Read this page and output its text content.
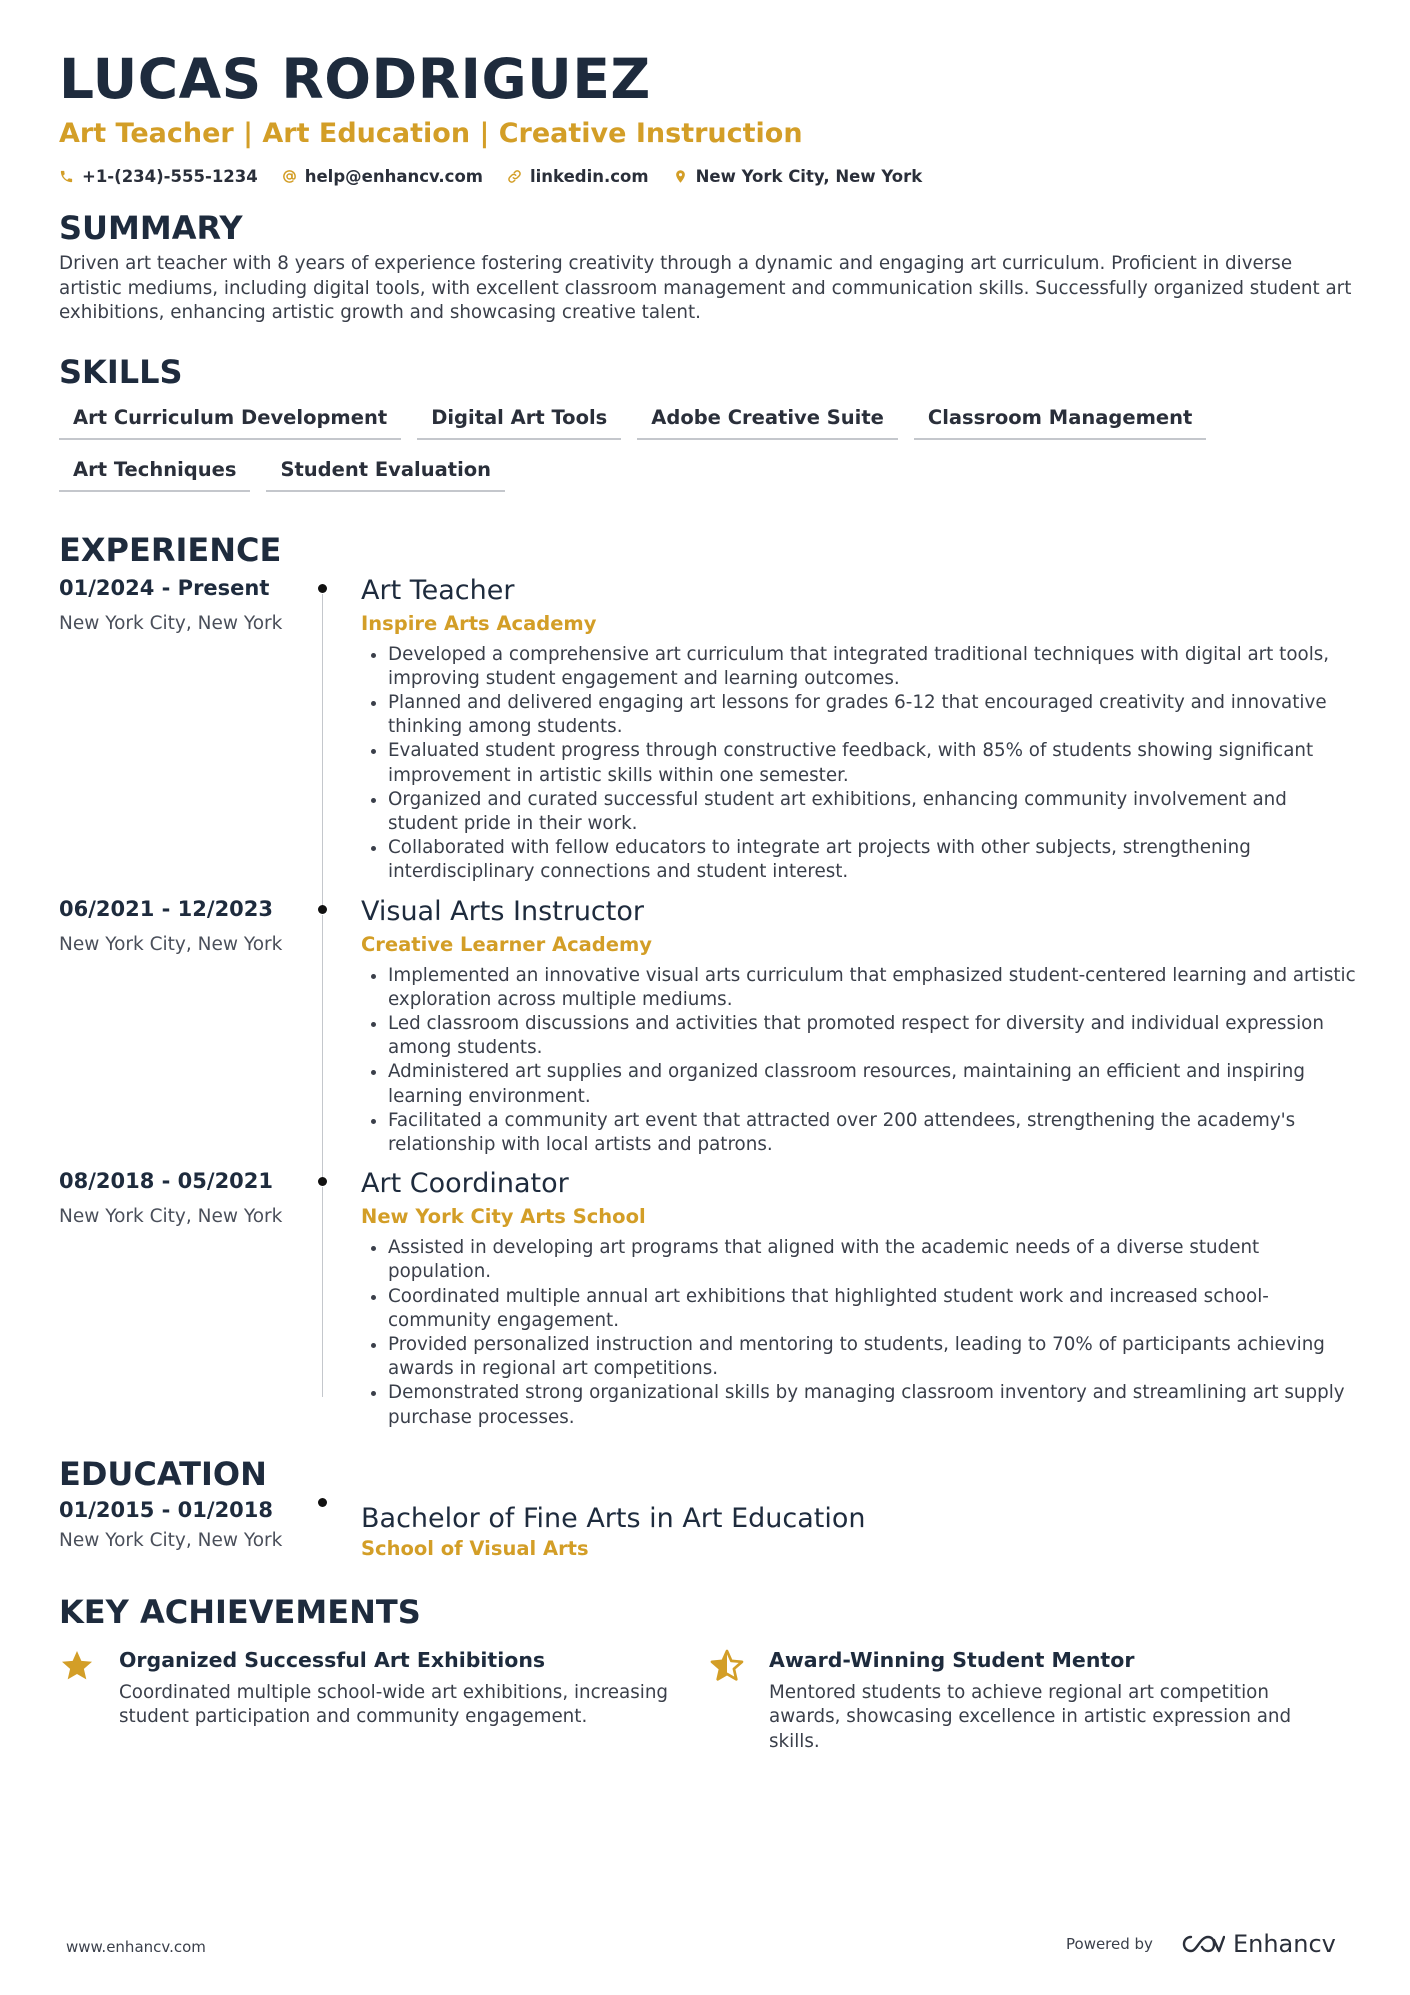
LUCAS RODRIGUEZ
Art Teacher | Art Education | Creative Instruction
+1-(234)-555-1234	help@enhancv.com	linkedin.com	New York City, New York
SUMMARY
Driven art teacher with 8 years of experience fostering creativity through a dynamic and engaging art curriculum. Proficient in diverse artistic mediums, including digital tools, with excellent classroom management and communication skills. Successfully organized student art exhibitions, enhancing artistic growth and showcasing creative talent.
SKILLS
Art Curriculum Development	Digital Art Tools	Adobe Creative Suite	Classroom Management
Art Techniques	Student Evaluation
EXPERIENCE
01/2024 - Present
New York City, New York
Art Teacher
Inspire Arts Academy
• Developed a comprehensive art curriculum that integrated traditional techniques with digital art tools, improving student engagement and learning outcomes.
• Planned and delivered engaging art lessons for grades 6-12 that encouraged creativity and innovative thinking among students.
• Evaluated student progress through constructive feedback, with 85% of students showing significant improvement in artistic skills within one semester.
• Organized and curated successful student art exhibitions, enhancing community involvement and student pride in their work.
• Collaborated with fellow educators to integrate art projects with other subjects, strengthening interdisciplinary connections and student interest.
06/2021 - 12/2023
New York City, New York
Visual Arts Instructor
Creative Learner Academy
• Implemented an innovative visual arts curriculum that emphasized student-centered learning and artistic exploration across multiple mediums.
• Led classroom discussions and activities that promoted respect for diversity and individual expression among students.
• Administered art supplies and organized classroom resources, maintaining an efficient and inspiring learning environment.
• Facilitated a community art event that attracted over 200 attendees, strengthening the academy's relationship with local artists and patrons.
08/2018 - 05/2021
New York City, New York
Art Coordinator
New York City Arts School
• Assisted in developing art programs that aligned with the academic needs of a diverse student population.
• Coordinated multiple annual art exhibitions that highlighted student work and increased school-community engagement.
• Provided personalized instruction and mentoring to students, leading to 70% of participants achieving awards in regional art competitions.
• Demonstrated strong organizational skills by managing classroom inventory and streamlining art supply purchase processes.
EDUCATION
01/2015 - 01/2018
New York City, New York
Bachelor of Fine Arts in Art Education
School of Visual Arts
KEY ACHIEVEMENTS
Organized Successful Art Exhibitions
Coordinated multiple school-wide art exhibitions, increasing student participation and community engagement.
Award-Winning Student Mentor
Mentored students to achieve regional art competition awards, showcasing excellence in artistic expression and skills.
www.enhancv.com	Powered by	Enhancv
